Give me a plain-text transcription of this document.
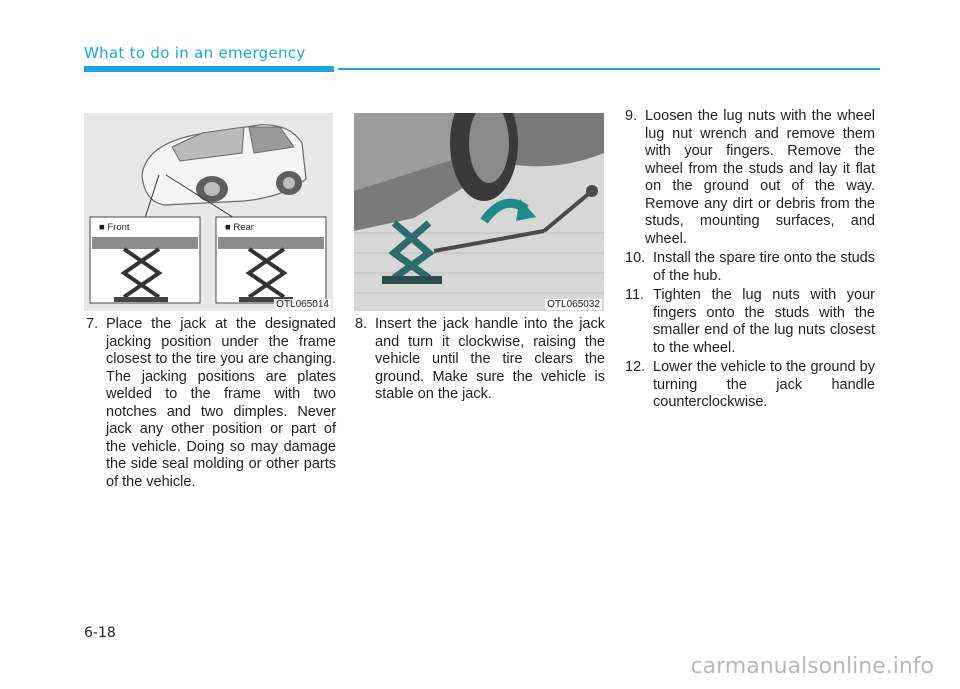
What to do in an emergency
■ Front	■ Rear
OTL065014	OTL065032
7. Place the jack at the designated jacking position under the frame closest to the tire you are changing. The jacking positions are plates welded to the frame with two notches and two dimples. Never jack any other position or part of the vehicle. Doing so may damage the side seal molding or other parts of the vehicle.
8. Insert the jack handle into the jack and turn it clockwise, raising the vehicle until the tire clears the ground. Make sure the vehicle is stable on the jack.
9. Loosen the lug nuts with the wheel lug nut wrench and remove them with your fingers. Remove the wheel from the studs and lay it flat on the ground out of the way. Remove any dirt or debris from the studs, mounting surfaces, and wheel.
10. Install the spare tire onto the studs of the hub.
11. Tighten the lug nuts with your fingers onto the studs with the smaller end of the lug nuts closest to the wheel.
12. Lower the vehicle to the ground by turning the jack handle counterclockwise.
6-18
carmanualsonline.info
